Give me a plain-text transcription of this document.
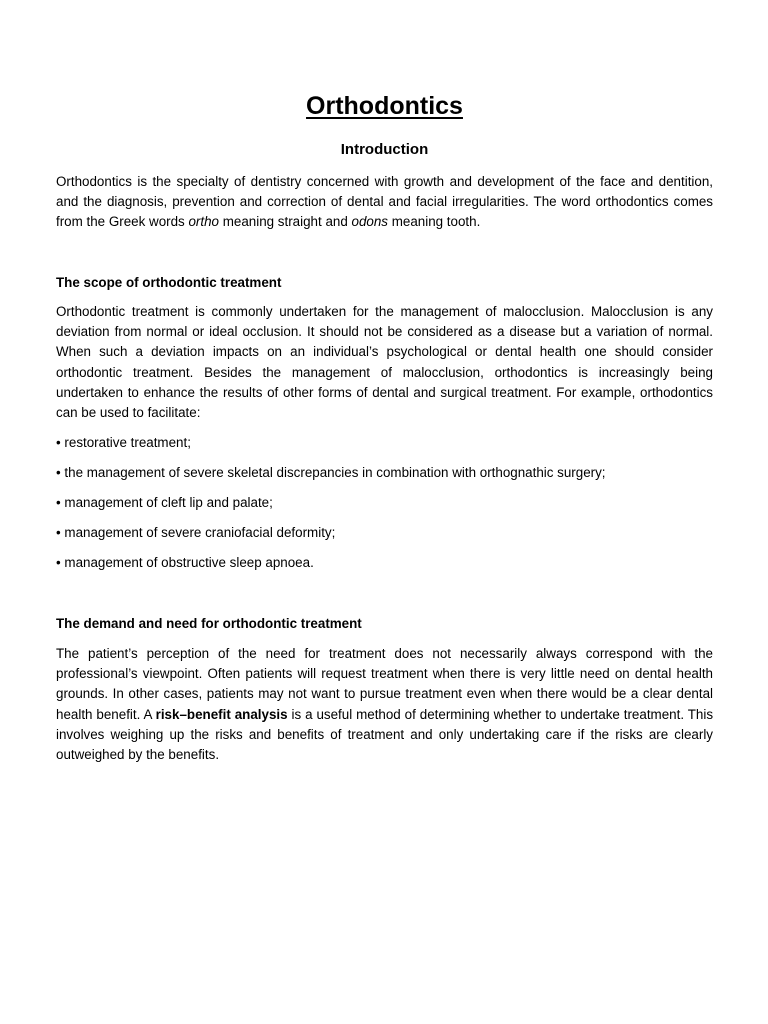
Orthodontics
Introduction

Orthodontics is the specialty of dentistry concerned with growth and development of the face and dentition, and the diagnosis, prevention and correction of dental and facial irregularities. The word orthodontics comes from the Greek words ortho meaning straight and odons meaning tooth.

The scope of orthodontic treatment

Orthodontic treatment is commonly undertaken for the management of malocclusion. Malocclusion is any deviation from normal or ideal occlusion. It should not be considered as a disease but a variation of normal. When such a deviation impacts on an individual’s psychological or dental health one should consider orthodontic treatment. Besides the management of malocclusion, orthodontics is increasingly being undertaken to enhance the results of other forms of dental and surgical treatment. For example, orthodontics can be used to facilitate:

• restorative treatment;

• the management of severe skeletal discrepancies in combination with orthognathic surgery;

• management of cleft lip and palate;

• management of severe craniofacial deformity;

• management of obstructive sleep apnoea.

The demand and need for orthodontic treatment

The patient’s perception of the need for treatment does not necessarily always correspond with the professional’s viewpoint. Often patients will request treatment when there is very little need on dental health grounds. In other cases, patients may not want to pursue treatment even when there would be a clear dental health benefit. A risk–benefit analysis is a useful method of determining whether to undertake treatment. This involves weighing up the risks and benefits of treatment and only undertaking care if the risks are clearly outweighed by the benefits.
